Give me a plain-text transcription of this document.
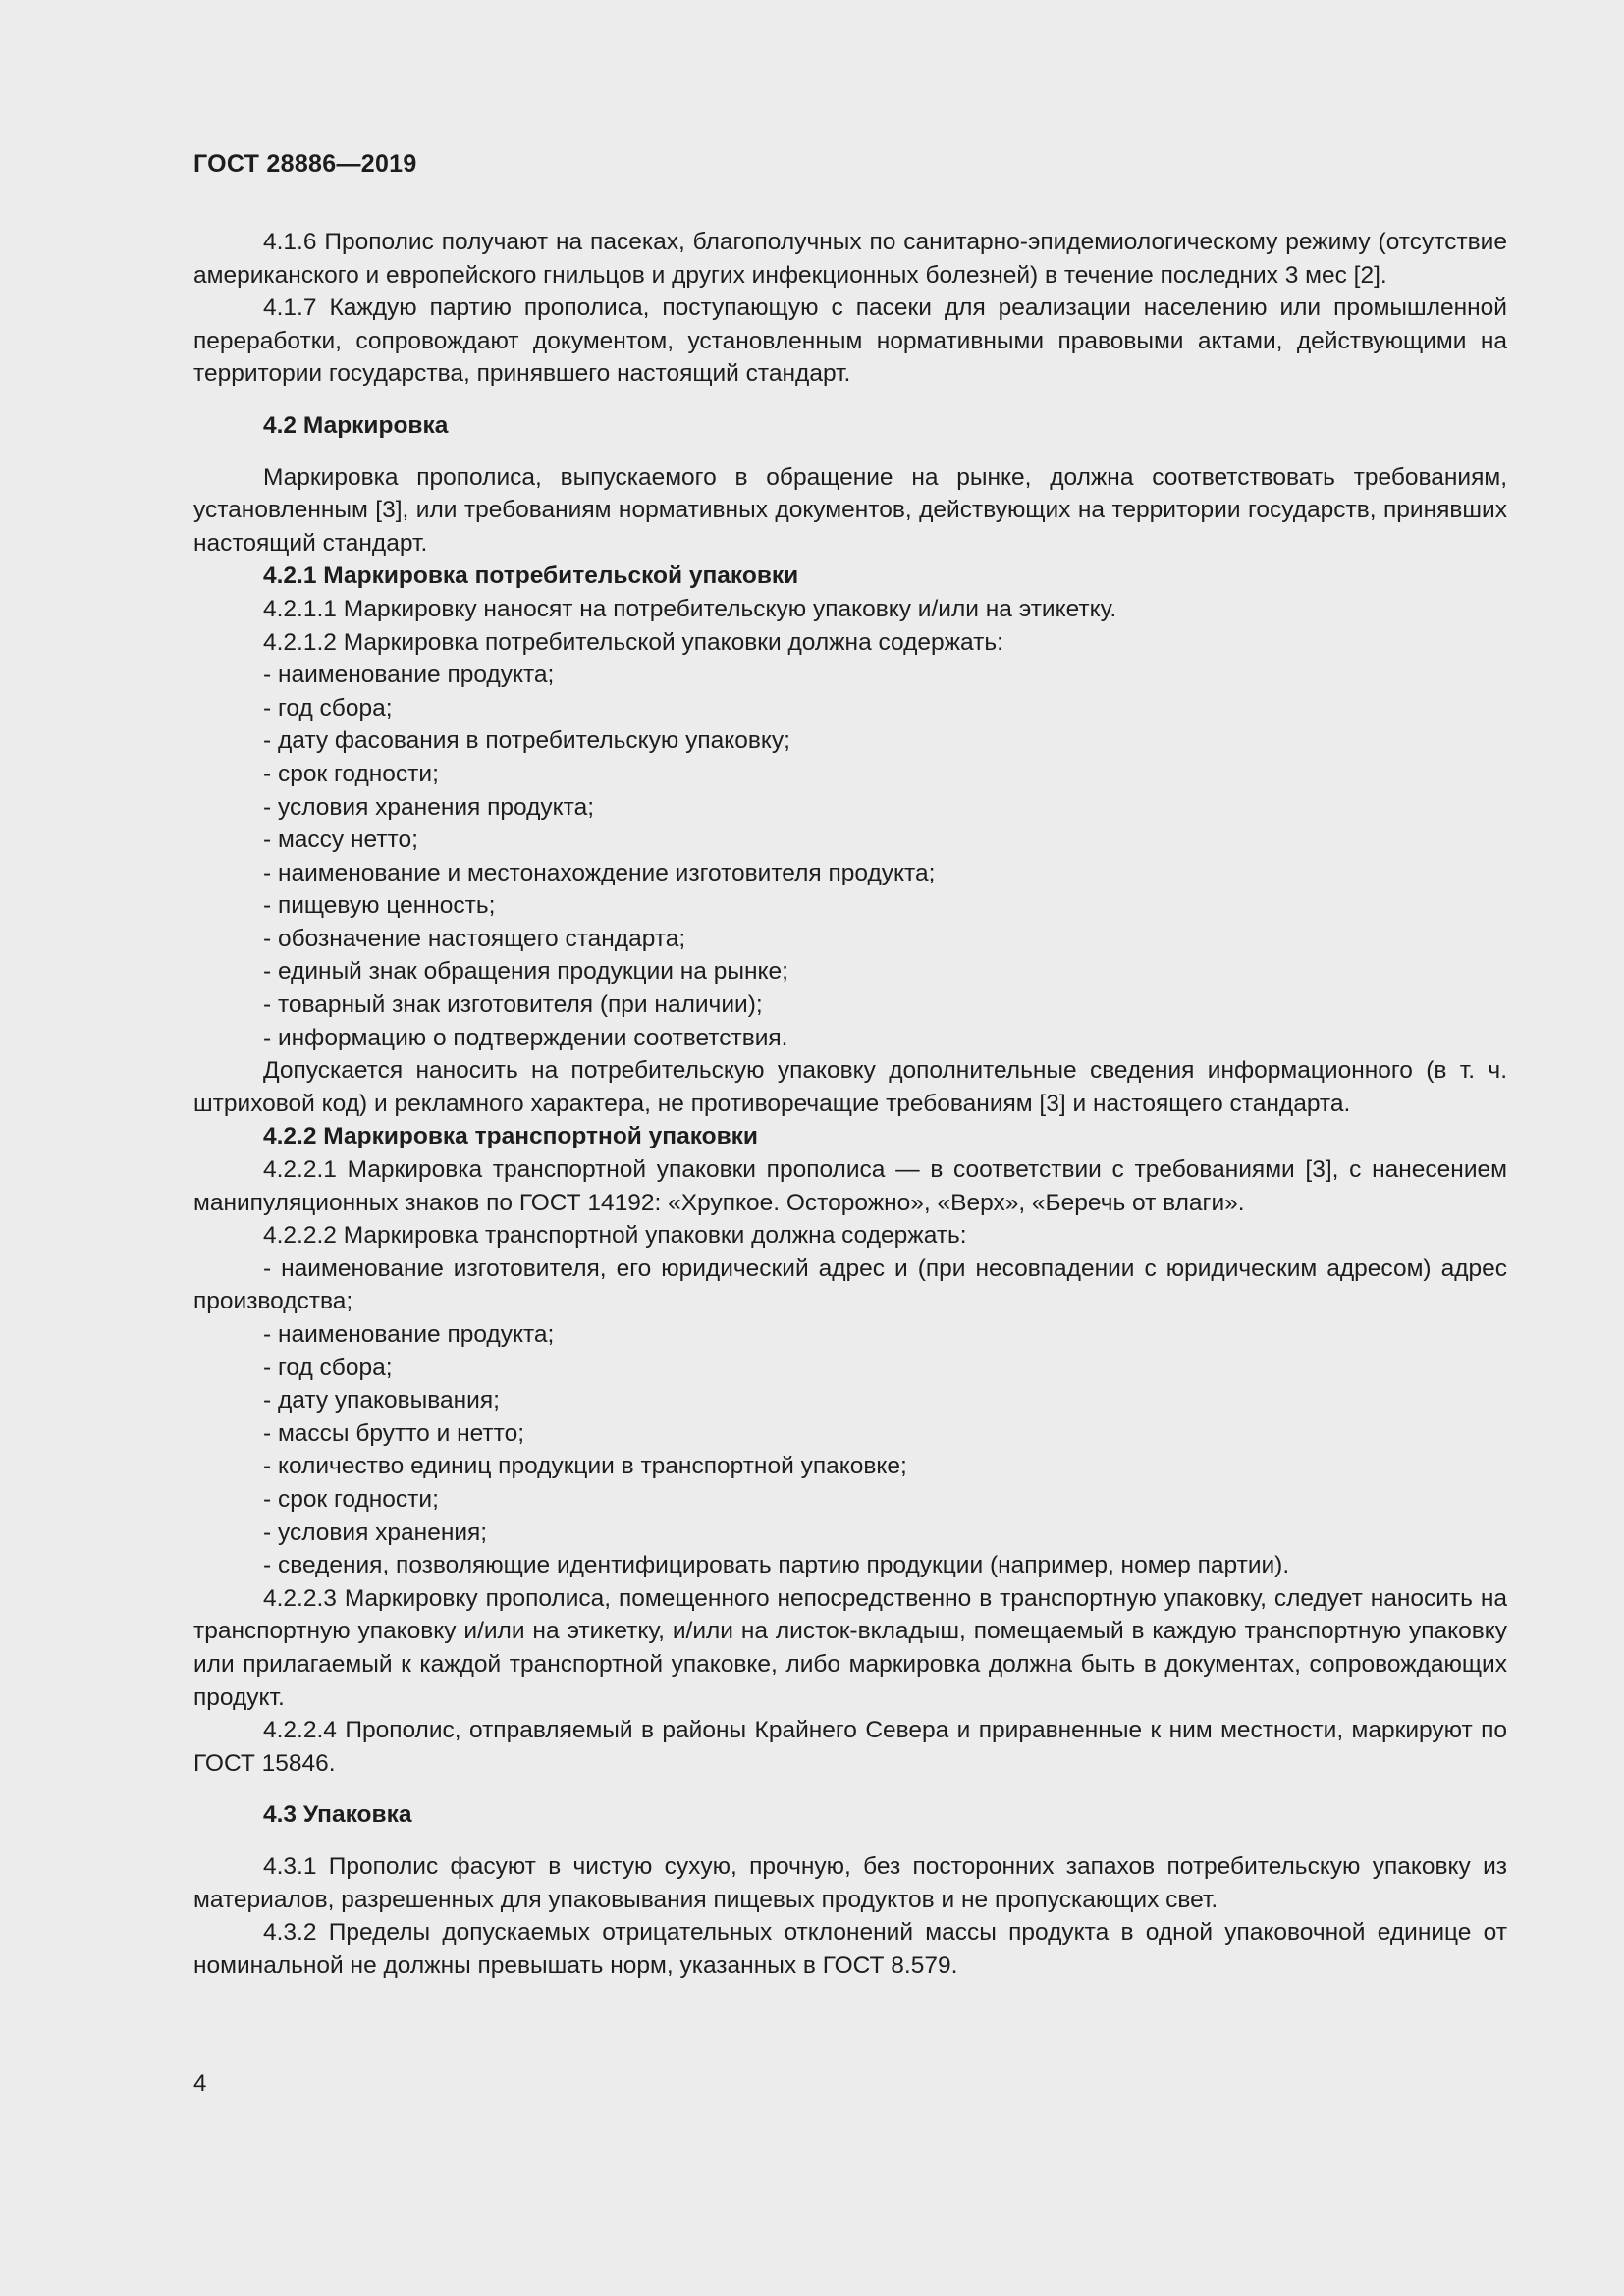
ГОСТ 28886—2019

4.1.6 Прополис получают на пасеках, благополучных по санитарно-эпидемиологическому режиму (отсутствие американского и европейского гнильцов и других инфекционных болезней) в течение последних 3 мес [2].

4.1.7 Каждую партию прополиса, поступающую с пасеки для реализации населению или промышленной переработки, сопровождают документом, установленным нормативными правовыми актами, действующими на территории государства, принявшего настоящий стандарт.

4.2 Маркировка

Маркировка прополиса, выпускаемого в обращение на рынке, должна соответствовать требованиям, установленным [3], или требованиям нормативных документов, действующих на территории государств, принявших настоящий стандарт.

4.2.1 Маркировка потребительской упаковки

4.2.1.1 Маркировку наносят на потребительскую упаковку и/или на этикетку.

4.2.1.2 Маркировка потребительской упаковки должна содержать:

- наименование продукта;

- год сбора;

- дату фасования в потребительскую упаковку;

- срок годности;

- условия хранения продукта;

- массу нетто;

- наименование и местонахождение изготовителя продукта;

- пищевую ценность;

- обозначение настоящего стандарта;

- единый знак обращения продукции на рынке;

- товарный знак изготовителя (при наличии);

- информацию о подтверждении соответствия.

Допускается наносить на потребительскую упаковку дополнительные сведения информационного (в т. ч. штриховой код) и рекламного характера, не противоречащие требованиям [3] и настоящего стандарта.

4.2.2 Маркировка транспортной упаковки

4.2.2.1 Маркировка транспортной упаковки прополиса — в соответствии с требованиями [3], с нанесением манипуляционных знаков по ГОСТ 14192: «Хрупкое. Осторожно», «Верх», «Беречь от влаги».

4.2.2.2 Маркировка транспортной упаковки должна содержать:

- наименование изготовителя, его юридический адрес и (при несовпадении с юридическим адресом) адрес производства;

- наименование продукта;

- год сбора;

- дату упаковывания;

- массы брутто и нетто;

- количество единиц продукции в транспортной упаковке;

- срок годности;

- условия хранения;

- сведения, позволяющие идентифицировать партию продукции (например, номер партии).

4.2.2.3 Маркировку прополиса, помещенного непосредственно в транспортную упаковку, следует наносить на транспортную упаковку и/или на этикетку, и/или на листок-вкладыш, помещаемый в каждую транспортную упаковку или прилагаемый к каждой транспортной упаковке, либо маркировка должна быть в документах, сопровождающих продукт.

4.2.2.4 Прополис, отправляемый в районы Крайнего Севера и приравненные к ним местности, маркируют по ГОСТ 15846.

4.3 Упаковка

4.3.1 Прополис фасуют в чистую сухую, прочную, без посторонних запахов потребительскую упаковку из материалов, разрешенных для упаковывания пищевых продуктов и не пропускающих свет.

4.3.2 Пределы допускаемых отрицательных отклонений массы продукта в одной упаковочной единице от номинальной не должны превышать норм, указанных в ГОСТ 8.579.

4
